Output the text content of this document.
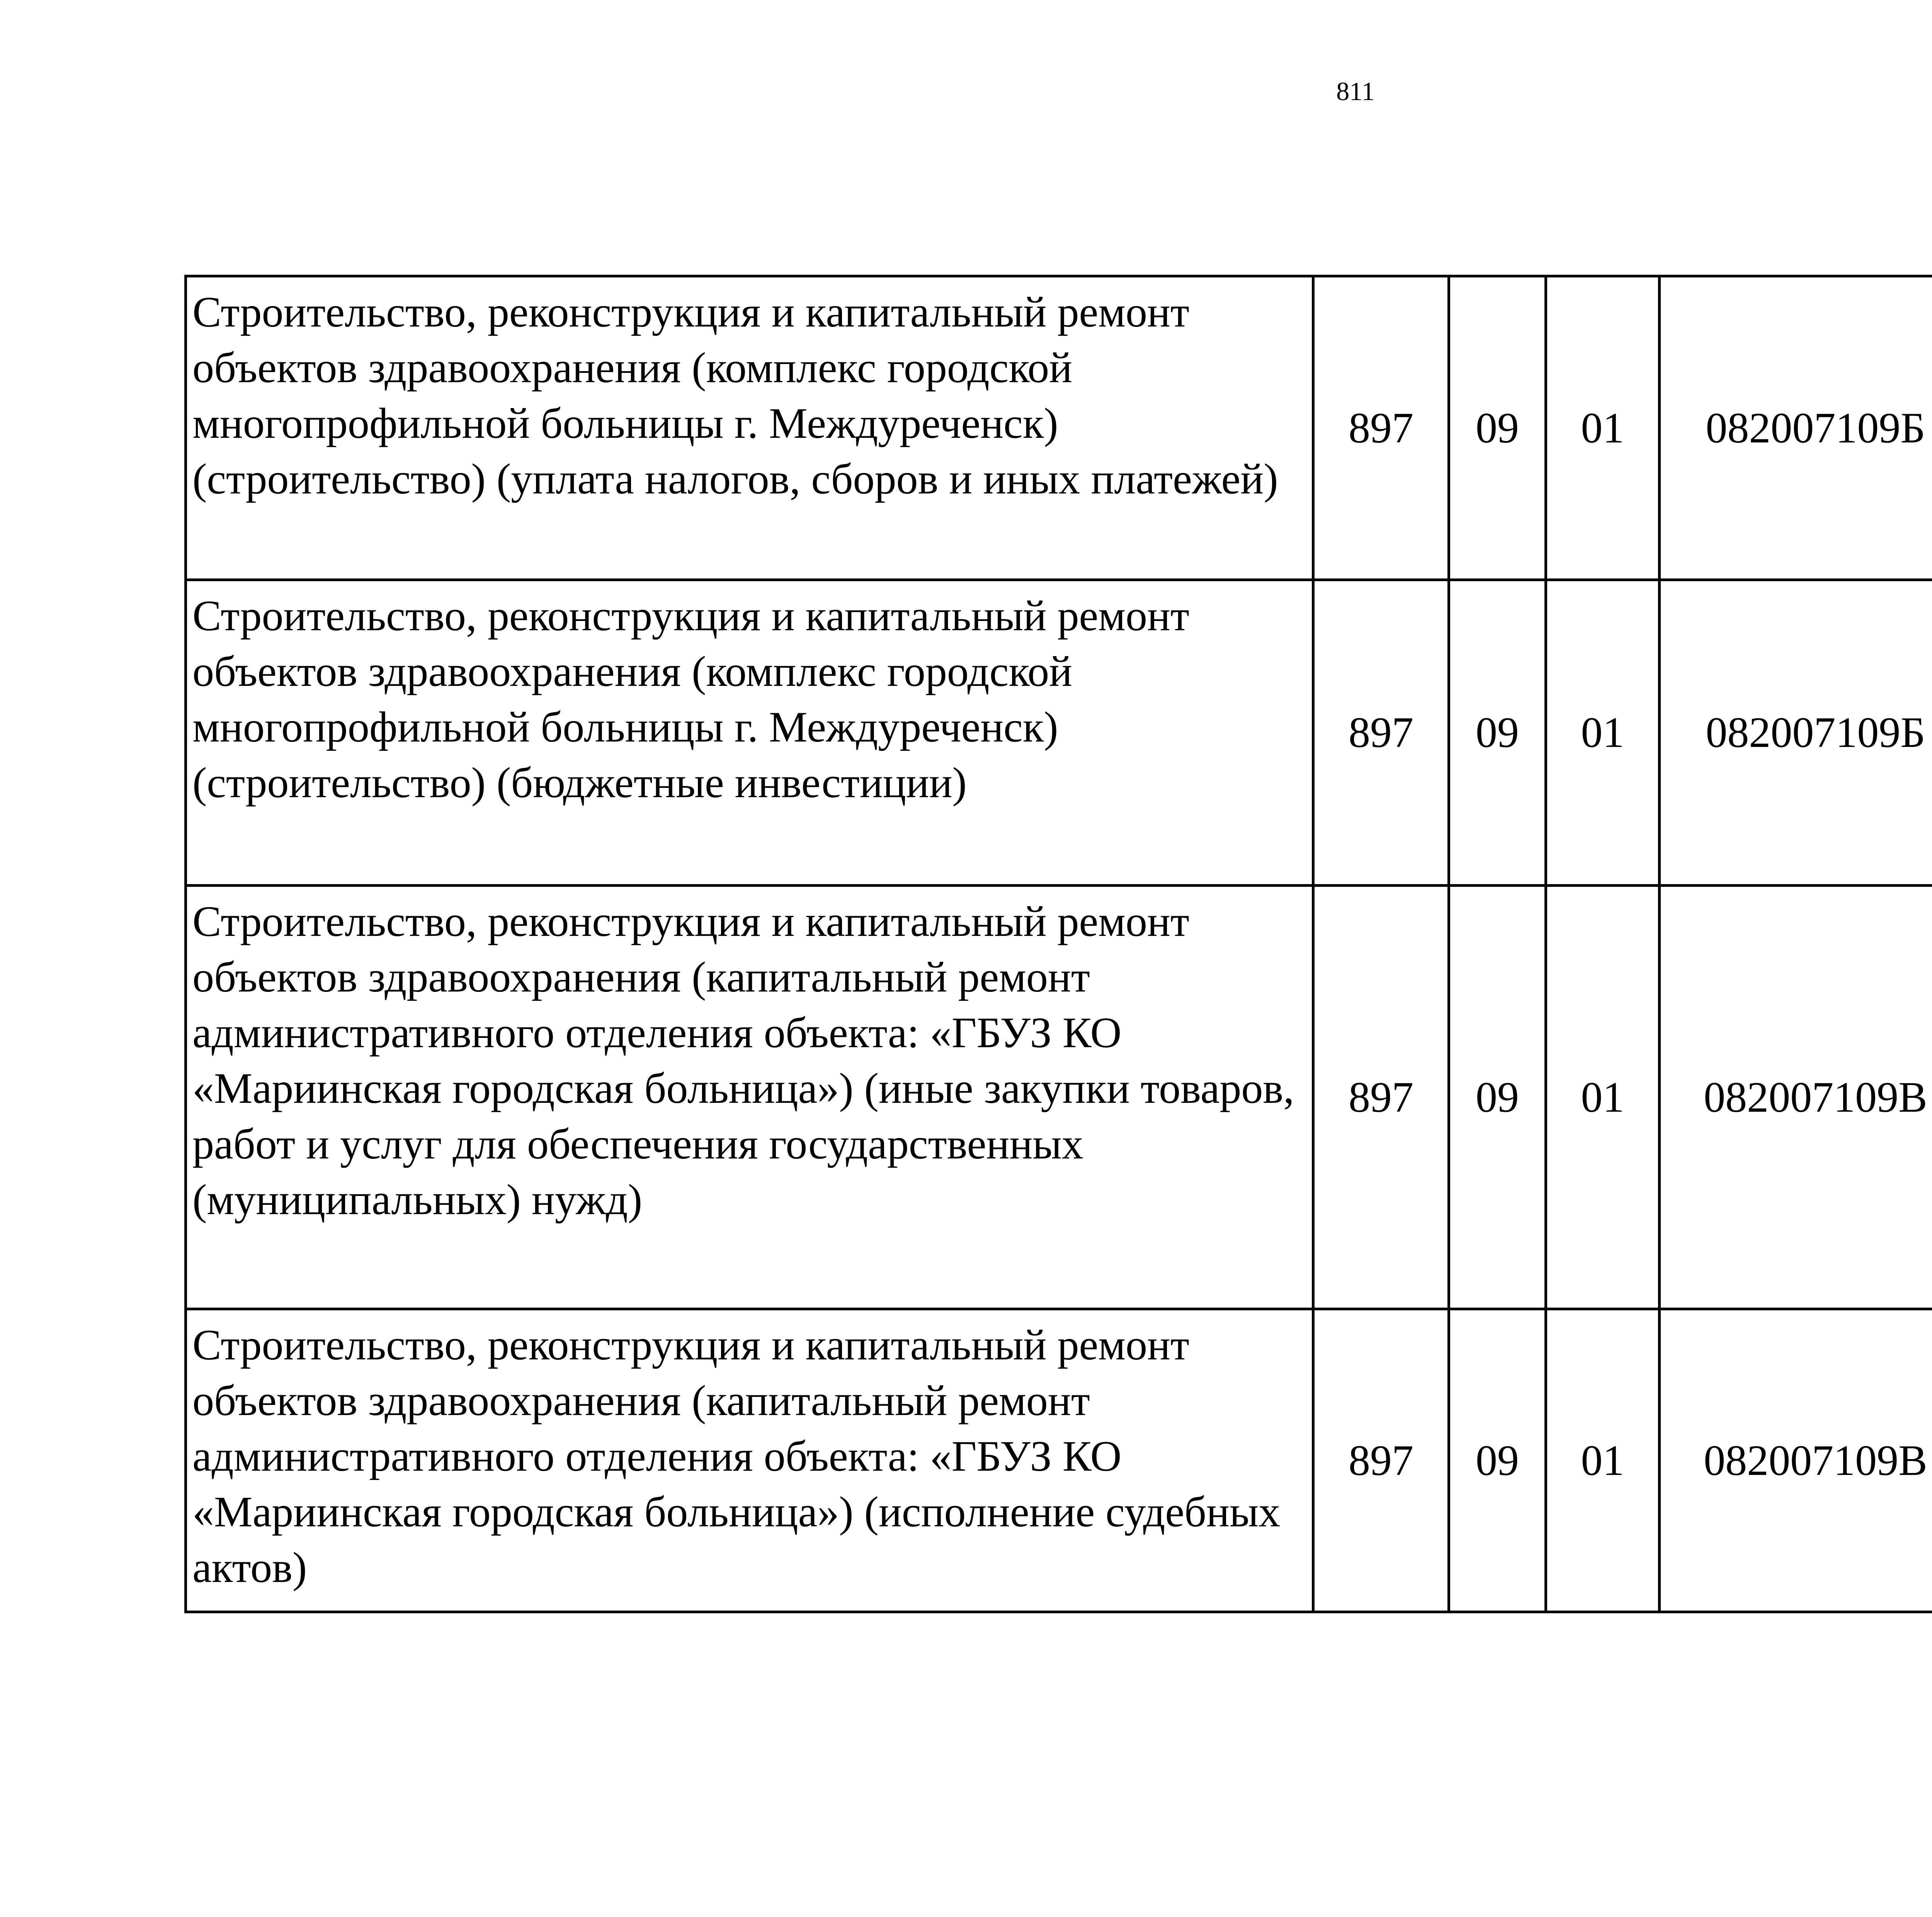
811
Строительство, реконструкция и капитальный ремонт объектов здравоохранения (комплекс городской многопрофильной больницы г. Междуреченск) (строительство) (уплата налогов, сборов и иных платежей)	897	09	01	082007109Б		
Строительство, реконструкция и капитальный ремонт объектов здравоохранения (комплекс городской многопрофильной больницы г. Междуреченск) (строительство) (бюджетные инвестиции)	897	09	01	082007109Б		
Строительство, реконструкция и капитальный ремонт объектов здравоохранения (капитальный ремонт административного отделения объекта: «ГБУЗ КО «Мариинская городская больница») (иные закупки товаров, работ и услуг для обеспечения государственных (муниципальных) нужд)	897	09	01	082007109В		
Строительство, реконструкция и капитальный ремонт объектов здравоохранения (капитальный ремонт административного отделения объекта: «ГБУЗ КО «Мариинская городская больница») (исполнение судебных актов)	897	09	01	082007109В		
